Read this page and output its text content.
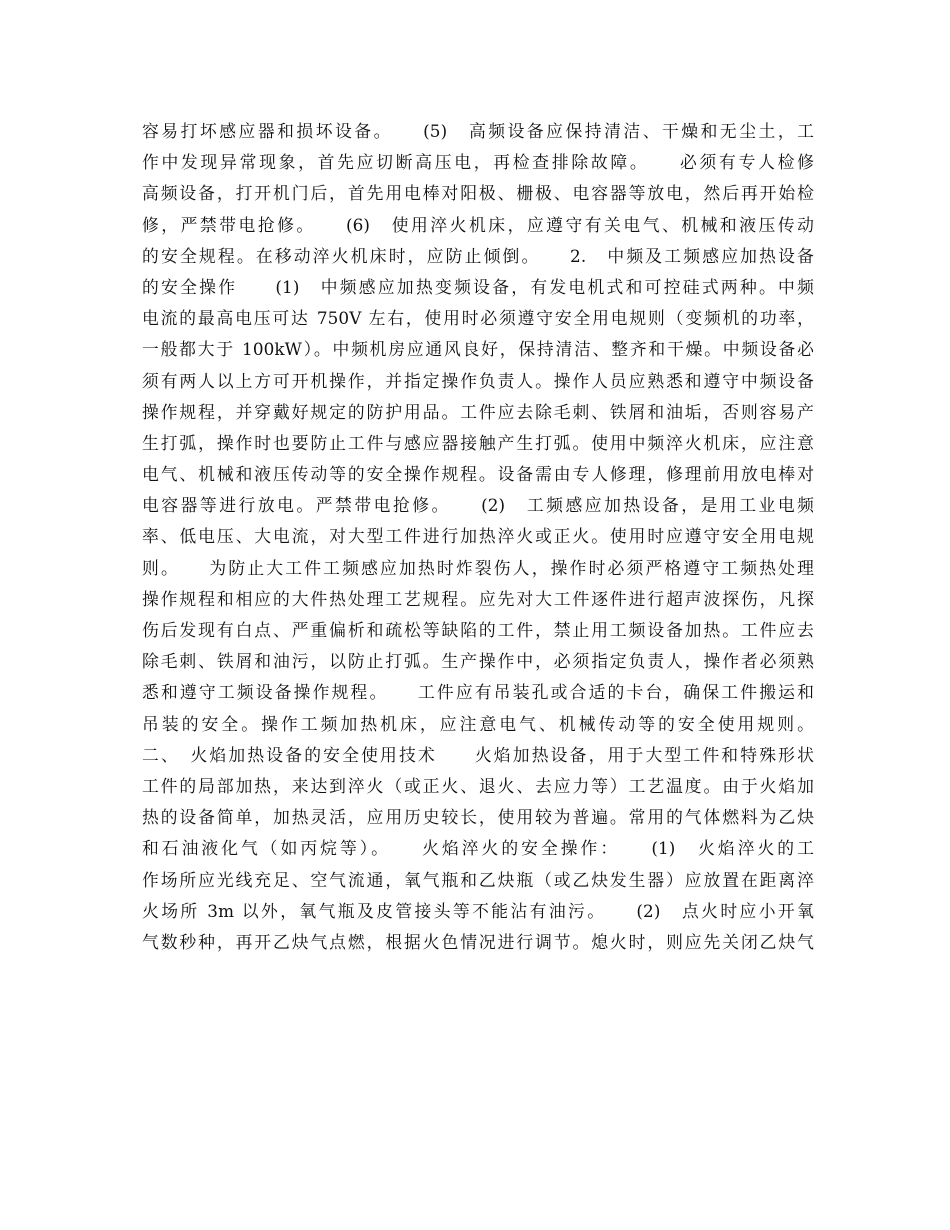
容易打坏感应器和损坏设备。　　(5)　高频设备应保持清洁、干燥和无尘土，工
作中发现异常现象，首先应切断高压电，再检查排除故障。　　必须有专人检修
高频设备，打开机门后，首先用电棒对阳极、栅极、电容器等放电，然后再开始检
修，严禁带电抢修。　　(6)　使用淬火机床，应遵守有关电气、机械和液压传动
的安全规程。在移动淬火机床时，应防止倾倒。　　2.　中频及工频感应加热设备
的安全操作　　(1)　中频感应加热变频设备，有发电机式和可控硅式两种。中频
电流的最高电压可达 750V 左右，使用时必须遵守安全用电规则（变频机的功率，
一般都大于 100kW）。中频机房应通风良好，保持清洁、整齐和干燥。中频设备必
须有两人以上方可开机操作，并指定操作负责人。操作人员应熟悉和遵守中频设备
操作规程，并穿戴好规定的防护用品。工件应去除毛刺、铁屑和油垢，否则容易产
生打弧，操作时也要防止工件与感应器接触产生打弧。使用中频淬火机床，应注意
电气、机械和液压传动等的安全操作规程。设备需由专人修理，修理前用放电棒对
电容器等进行放电。严禁带电抢修。　　(2)　工频感应加热设备，是用工业电频
率、低电压、大电流，对大型工件进行加热淬火或正火。使用时应遵守安全用电规
则。　　为防止大工件工频感应加热时炸裂伤人，操作时必须严格遵守工频热处理
操作规程和相应的大件热处理工艺规程。应先对大工件逐件进行超声波探伤，凡探
伤后发现有白点、严重偏析和疏松等缺陷的工件，禁止用工频设备加热。工件应去
除毛刺、铁屑和油污，以防止打弧。生产操作中，必须指定负责人，操作者必须熟
悉和遵守工频设备操作规程。　　工件应有吊装孔或合适的卡台，确保工件搬运和
吊装的安全。操作工频加热机床，应注意电气、机械传动等的安全使用规则。
二、　火焰加热设备的安全使用技术　　火焰加热设备，用于大型工件和特殊形状
工件的局部加热，来达到淬火（或正火、退火、去应力等）工艺温度。由于火焰加
热的设备简单，加热灵活，应用历史较长，使用较为普遍。常用的气体燃料为乙炔
和石油液化气（如丙烷等）。　　火焰淬火的安全操作：　　(1)　火焰淬火的工
作场所应光线充足、空气流通，氧气瓶和乙炔瓶（或乙炔发生器）应放置在距离淬
火场所 3m 以外，氧气瓶及皮管接头等不能沾有油污。　　(2)　点火时应小开氧
气数秒种，再开乙炔气点燃，根据火色情况进行调节。熄火时，则应先关闭乙炔气
